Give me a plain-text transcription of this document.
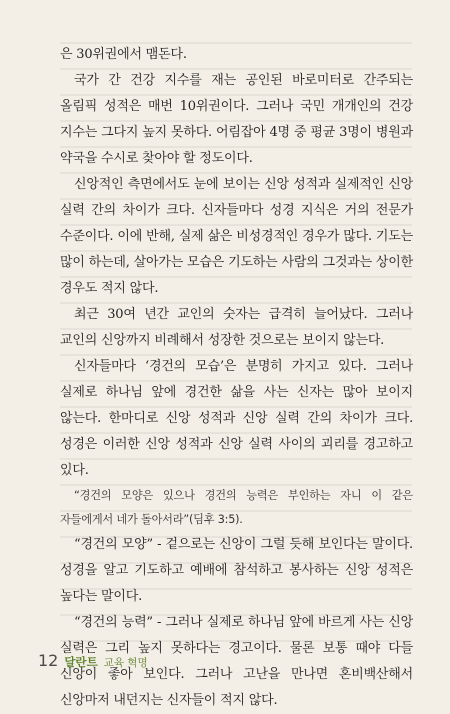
은 30위권에서 맴돈다.

국가 간 건강 지수를 재는 공인된 바로미터로 간주되는 올림픽 성적은 매번 10위권이다. 그러나 국민 개개인의 건강 지수는 그다지 높지 못하다. 어림잡아 4명 중 평균 3명이 병원과 약국을 수시로 찾아야 할 정도이다.

신앙적인 측면에서도 눈에 보이는 신앙 성적과 실제적인 신앙 실력 간의 차이가 크다. 신자들마다 성경 지식은 거의 전문가 수준이다. 이에 반해, 실제 삶은 비성경적인 경우가 많다. 기도는 많이 하는데, 살아가는 모습은 기도하는 사람의 그것과는 상이한 경우도 적지 않다.

최근 30여 년간 교인의 숫자는 급격히 늘어났다. 그러나 교인의 신앙까지 비례해서 성장한 것으로는 보이지 않는다.

신자들마다 ‘경건의 모습’은 분명히 가지고 있다. 그러나 실제로 하나님 앞에 경건한 삶을 사는 신자는 많아 보이지 않는다. 한마디로 신앙 성적과 신앙 실력 간의 차이가 크다. 성경은 이러한 신앙 성적과 신앙 실력 사이의 괴리를 경고하고 있다.

“경건의 모양은 있으나 경건의 능력은 부인하는 자니 이 같은 자들에게서 네가 돌아서라”(딤후 3:5).

“경건의 모양” - 겉으로는 신앙이 그럴 듯해 보인다는 말이다. 성경을 알고 기도하고 예배에 참석하고 봉사하는 신앙 성적은 높다는 말이다.

“경건의 능력” - 그러나 실제로 하나님 앞에 바르게 사는 신앙 실력은 그리 높지 못하다는 경고이다. 물론 보통 때야 다들 신앙이 좋아 보인다. 그러나 고난을 만나면 혼비백산해서 신앙마저 내던지는 신자들이 적지 않다.

12 달란트 교육 혁명
